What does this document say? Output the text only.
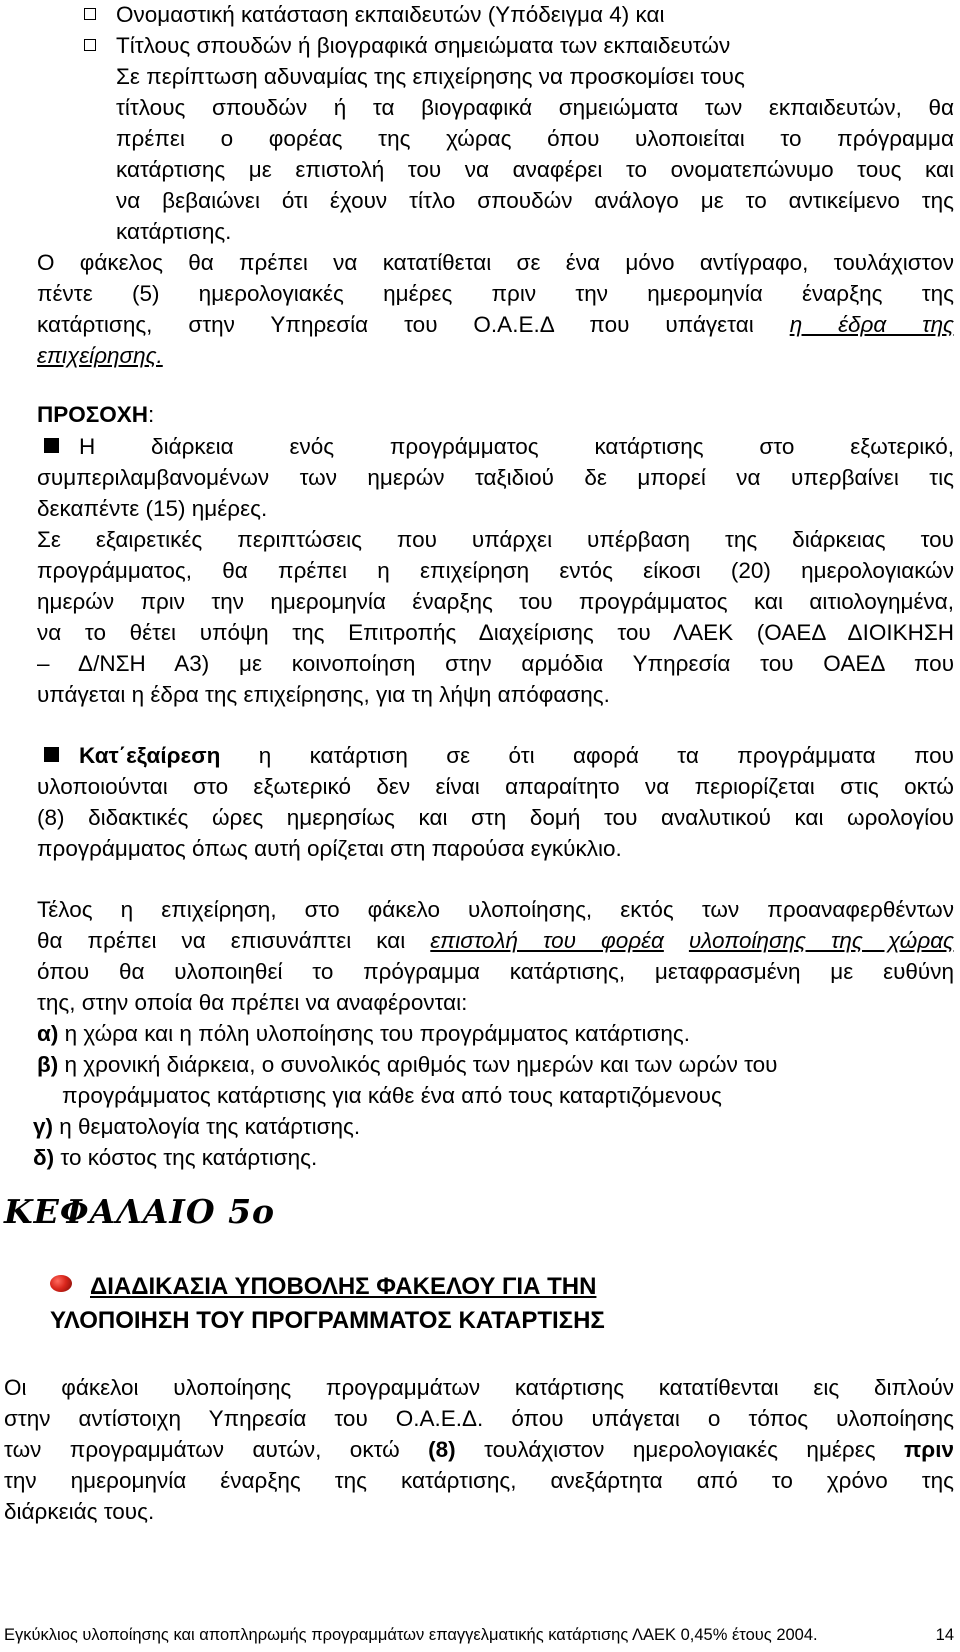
Ονομαστική κατάσταση εκπαιδευτών (Υπόδειγμα 4) και
Τίτλους σπουδών ή βιογραφικά σημειώματα των εκπαιδευτών
Σε περίπτωση αδυναμίας της επιχείρησης να προσκομίσει τους
τίτλους σπουδών ή τα βιογραφικά σημειώματα των εκπαιδευτών, θα
πρέπει ο φορέας της χώρας όπου υλοποιείται το πρόγραμμα
κατάρτισης με επιστολή του να αναφέρει το ονοματεπώνυμο τους και
να βεβαιώνει ότι έχουν τίτλο σπουδών ανάλογο με το αντικείμενο της
κατάρτισης.
Ο φάκελος θα πρέπει να κατατίθεται σε ένα μόνο αντίγραφο, τουλάχιστον
πέντε (5) ημερολογιακές ημέρες πριν την ημερομηνία έναρξης της
κατάρτισης, στην Υπηρεσία του Ο.Α.Ε.Δ που υπάγεται η έδρα της
επιχείρησης.
ΠΡΟΣΟΧΗ:
Η διάρκεια ενός προγράμματος κατάρτισης στο εξωτερικό,
συμπεριλαμβανομένων των ημερών ταξιδιού δε μπορεί να υπερβαίνει τις
δεκαπέντε (15) ημέρες.
Σε εξαιρετικές περιπτώσεις που υπάρχει υπέρβαση της διάρκειας του
προγράμματος, θα πρέπει η επιχείρηση εντός είκοσι (20) ημερολογιακών
ημερών πριν την ημερομηνία έναρξης του προγράμματος και αιτιολογημένα,
να το θέτει υπόψη της Επιτροπής Διαχείρισης του ΛΑΕΚ (ΟΑΕΔ ΔΙΟΙΚΗΣΗ
– Δ/ΝΣΗ Α3) με κοινοποίηση στην αρμόδια Υπηρεσία του ΟΑΕΔ που
υπάγεται η έδρα της επιχείρησης, για τη λήψη απόφασης.
Κατ΄εξαίρεση η κατάρτιση σε ότι αφορά τα προγράμματα που
υλοποιούνται στο εξωτερικό δεν είναι απαραίτητο να περιορίζεται στις οκτώ
(8) διδακτικές ώρες ημερησίως και στη δομή του αναλυτικού και ωρολογίου
προγράμματος όπως αυτή ορίζεται στη παρούσα εγκύκλιο.
Τέλος η επιχείρηση, στο φάκελο υλοποίησης, εκτός των προαναφερθέντων
θα πρέπει να επισυνάπτει και επιστολή του φορέα υλοποίησης της χώρας
όπου θα υλοποιηθεί το πρόγραμμα κατάρτισης, μεταφρασμένη με ευθύνη
της, στην οποία θα πρέπει να αναφέρονται:
α) η χώρα και η πόλη υλοποίησης του προγράμματος κατάρτισης.
β) η χρονική διάρκεια, ο συνολικός αριθμός των ημερών και των ωρών του
προγράμματος κατάρτισης για κάθε ένα από τους καταρτιζόμενους
γ) η θεματολογία της κατάρτισης.
δ) το κόστος της κατάρτισης.
ΚΕΦΑΛΑΙΟ 5ο
ΔΙΑΔΙΚΑΣΙΑ ΥΠΟΒΟΛΗΣ ΦΑΚΕΛΟΥ ΓΙΑ ΤΗΝ
ΥΛΟΠΟΙΗΣΗ ΤΟΥ ΠΡΟΓΡΑΜΜΑΤΟΣ ΚΑΤΑΡΤΙΣΗΣ
Οι φάκελοι υλοποίησης προγραμμάτων κατάρτισης κατατίθενται εις διπλούν
στην αντίστοιχη Υπηρεσία του Ο.Α.Ε.Δ. όπου υπάγεται ο τόπος υλοποίησης
των προγραμμάτων αυτών, οκτώ (8) τουλάχιστον ημερολογιακές ημέρες πριν
την ημερομηνία έναρξης της κατάρτισης, ανεξάρτητα από το χρόνο της
διάρκειάς τους.
Εγκύκλιος υλοποίησης και αποπληρωμής προγραμμάτων επαγγελματικής κατάρτισης ΛΑΕΚ 0,45% έτους 2004.	14
